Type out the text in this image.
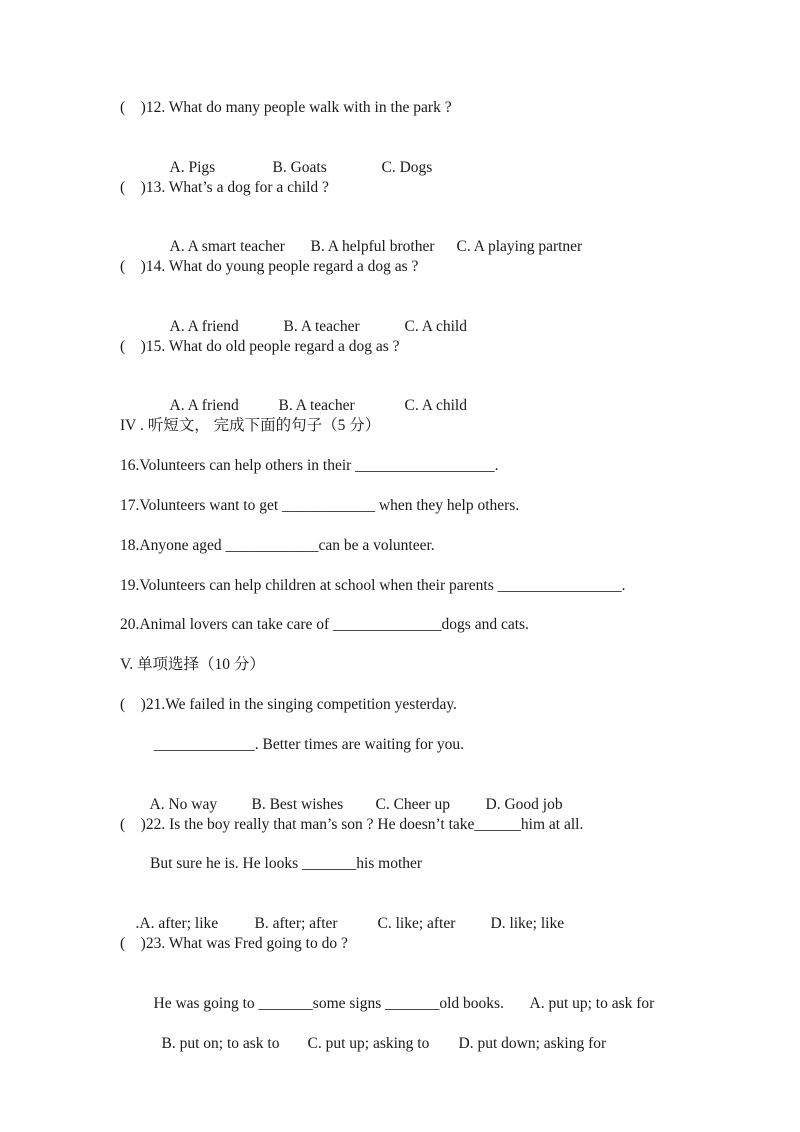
(    )12. What do many people walk with in the park ?

A. Pigs	B. Goats	C. Dogs

(    )13. What’s a dog for a child ?

A. A smart teacher B. A helpful brother C. A playing partner

(    )14. What do young people regard a dog as ?

A. A friend	B. A teacher	C. A child

(    )15. What do old people regard a dog as ?

A. A friend	B. A teacher	C. A child

IV . 听短文， 完成下面的句子（5 分）
16.Volunteers can help others in their __________________.
17.Volunteers want to get ____________ when they help others.
18.Anyone aged ____________can be a volunteer.
19.Volunteers can help children at school when their parents ________________.
20.Animal lovers can take care of ______________dogs and cats.
V. 单项选择（10 分）
(    )21.We failed in the singing competition yesterday.
_____________. Better times are waiting for you.

A. No way B. Best wishes C. Cheer up D. Good job

(    )22. Is the boy really that man’s son ? He doesn’t take______him at all.
But sure he is. He looks _______his mother

.A. after; like B. after; after	C. like; after D. like; like

(    )23. What was Fred going to do ?

He was going to _______some signs _______old books. A. put up; to ask for

B. put on; to ask to C. put up; asking to D. put down; asking for
